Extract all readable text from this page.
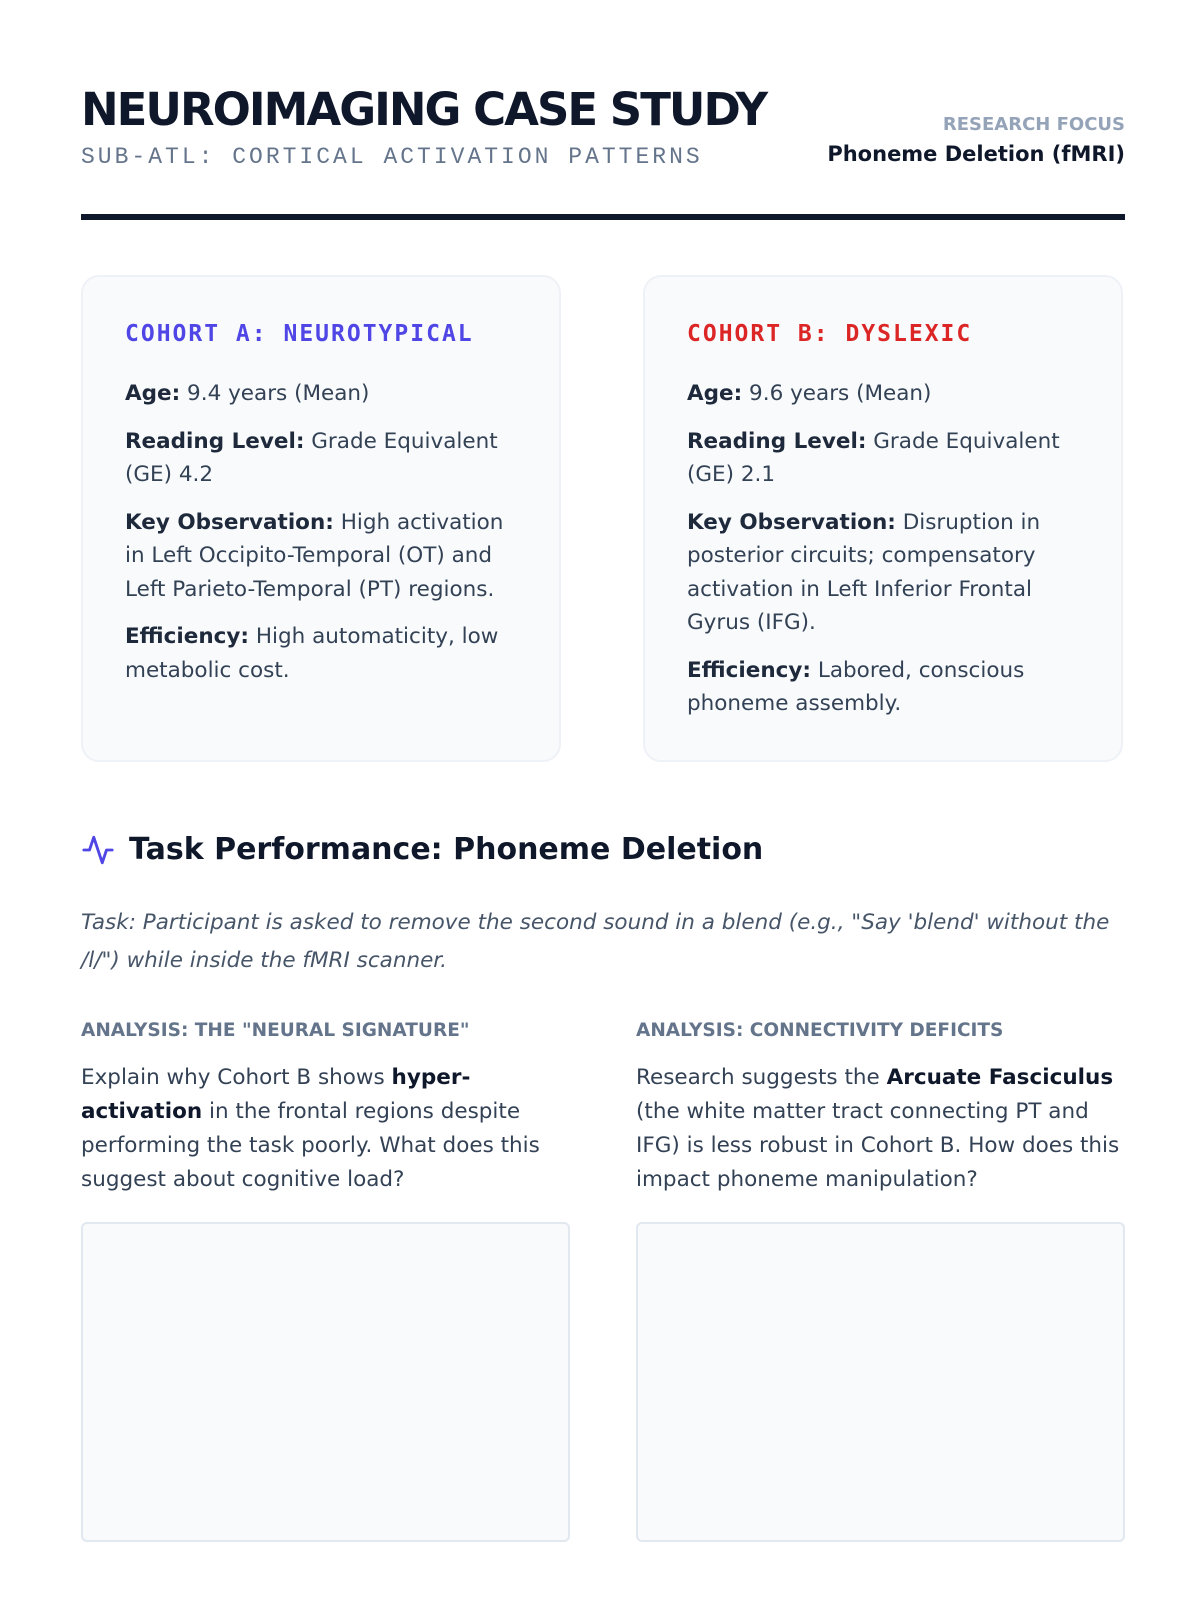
NEUROIMAGING CASE STUDY
SUB-ATL: CORTICAL ACTIVATION PATTERNS
RESEARCH FOCUS
Phoneme Deletion (fMRI)
COHORT A: NEUROTYPICAL
Age: 9.4 years (Mean)
Reading Level: Grade Equivalent (GE) 4.2
Key Observation: High activation in Left Occipito-Temporal (OT) and Left Parieto-Temporal (PT) regions.
Efficiency: High automaticity, low metabolic cost.
COHORT B: DYSLEXIC
Age: 9.6 years (Mean)
Reading Level: Grade Equivalent (GE) 2.1
Key Observation: Disruption in posterior circuits; compensatory activation in Left Inferior Frontal Gyrus (IFG).
Efficiency: Labored, conscious phoneme assembly.
Task Performance: Phoneme Deletion
Task: Participant is asked to remove the second sound in a blend (e.g., "Say 'blend' without the /l/") while inside the fMRI scanner.
ANALYSIS: THE "NEURAL SIGNATURE"
Explain why Cohort B shows hyper-activation in the frontal regions despite performing the task poorly. What does this suggest about cognitive load?
ANALYSIS: CONNECTIVITY DEFICITS
Research suggests the Arcuate Fasciculus (the white matter tract connecting PT and IFG) is less robust in Cohort B. How does this impact phoneme manipulation?
